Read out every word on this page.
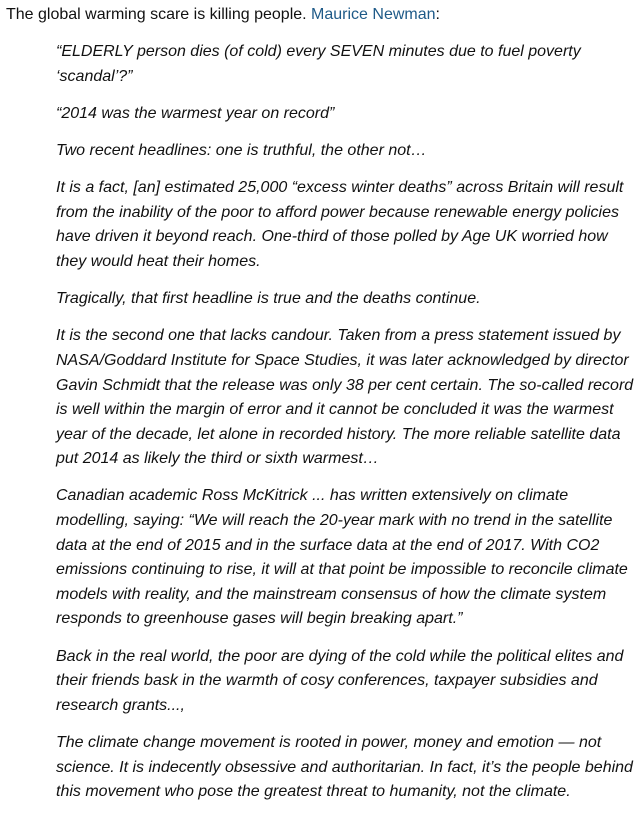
The global warming scare is killing people. Maurice Newman:

“ELDERLY person dies (of cold) every SEVEN minutes due to fuel poverty ‘scandal’?”

“2014 was the warmest year on record”

Two recent headlines: one is truthful, the other not…

It is a fact, [an] estimated 25,000 “excess winter deaths” across Britain will result from the inability of the poor to afford power because renewable energy policies have driven it beyond reach. One-third of those polled by Age UK worried how they would heat their homes.

Tragically, that first headline is true and the deaths continue.

It is the second one that lacks candour. Taken from a press statement issued by NASA/Goddard Institute for Space Studies, it was later acknowledged by director Gavin Schmidt that the release was only 38 per cent certain. The so-called record is well within the margin of error and it cannot be concluded it was the warmest year of the decade, let alone in recorded history. The more reliable satellite data put 2014 as likely the third or sixth warmest…

Canadian academic Ross McKitrick ... has written extensively on climate modelling, saying: “We will reach the 20-year mark with no trend in the satellite data at the end of 2015 and in the surface data at the end of 2017. With CO2 emissions continuing to rise, it will at that point be impossible to reconcile climate models with reality, and the mainstream consensus of how the climate system responds to greenhouse gases will begin breaking apart.”

Back in the real world, the poor are dying of the cold while the political elites and their friends bask in the warmth of cosy conferences, taxpayer subsidies and research grants...,

The climate change movement is rooted in power, money and emotion — not science. It is indecently obsessive and authoritarian. In fact, it’s the people behind this movement who pose the greatest threat to humanity, not the climate.
